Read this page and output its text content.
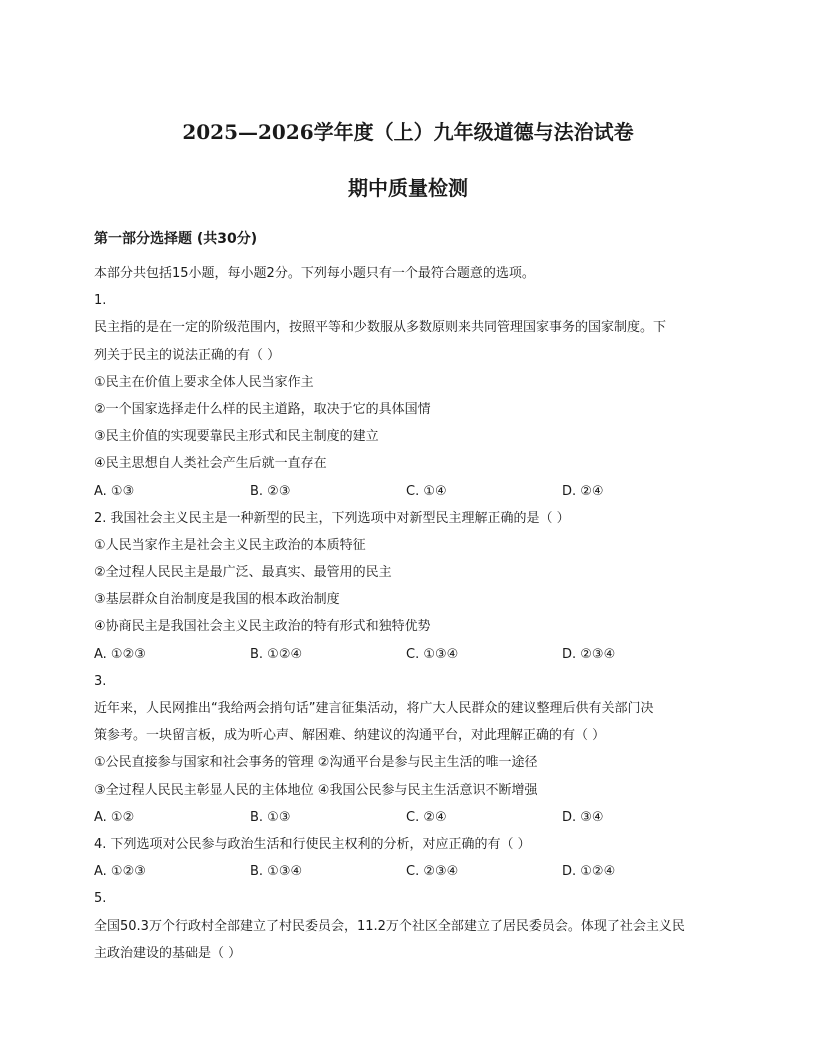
2025—2026学年度（上）九年级道德与法治试卷
期中质量检测
第一部分选择题 (共30分)
本部分共包括15小题，每小题2分。下列每小题只有一个最符合题意的选项。
1.
民主指的是在一定的阶级范围内，按照平等和少数服从多数原则来共同管理国家事务的国家制度。下
列关于民主的说法正确的有（ ）
①民主在价值上要求全体人民当家作主
②一个国家选择走什么样的民主道路，取决于它的具体国情
③民主价值的实现要靠民主形式和民主制度的建立
④民主思想自人类社会产生后就一直存在
A. ①③	B. ②③	C. ①④	D. ②④
2. 我国社会主义民主是一种新型的民主，下列选项中对新型民主理解正确的是（ ）
①人民当家作主是社会主义民主政治的本质特征
②全过程人民民主是最广泛、最真实、最管用的民主
③基层群众自治制度是我国的根本政治制度
④协商民主是我国社会主义民主政治的特有形式和独特优势
A. ①②③	B. ①②④	C. ①③④	D. ②③④
3.
近年来，人民网推出“我给两会捎句话”建言征集活动，将广大人民群众的建议整理后供有关部门决
策参考。一块留言板，成为听心声、解困难、纳建议的沟通平台，对此理解正确的有（ ）
①公民直接参与国家和社会事务的管理 ②沟通平台是参与民主生活的唯一途径
③全过程人民民主彰显人民的主体地位 ④我国公民参与民主生活意识不断增强
A. ①②	B. ①③	C. ②④	D. ③④
4. 下列选项对公民参与政治生活和行使民主权利的分析，对应正确的有（ ）
A. ①②③	B. ①③④	C. ②③④	D. ①②④
5.
全国50.3万个行政村全部建立了村民委员会，11.2万个社区全部建立了居民委员会。体现了社会主义民
主政治建设的基础是（ ）
